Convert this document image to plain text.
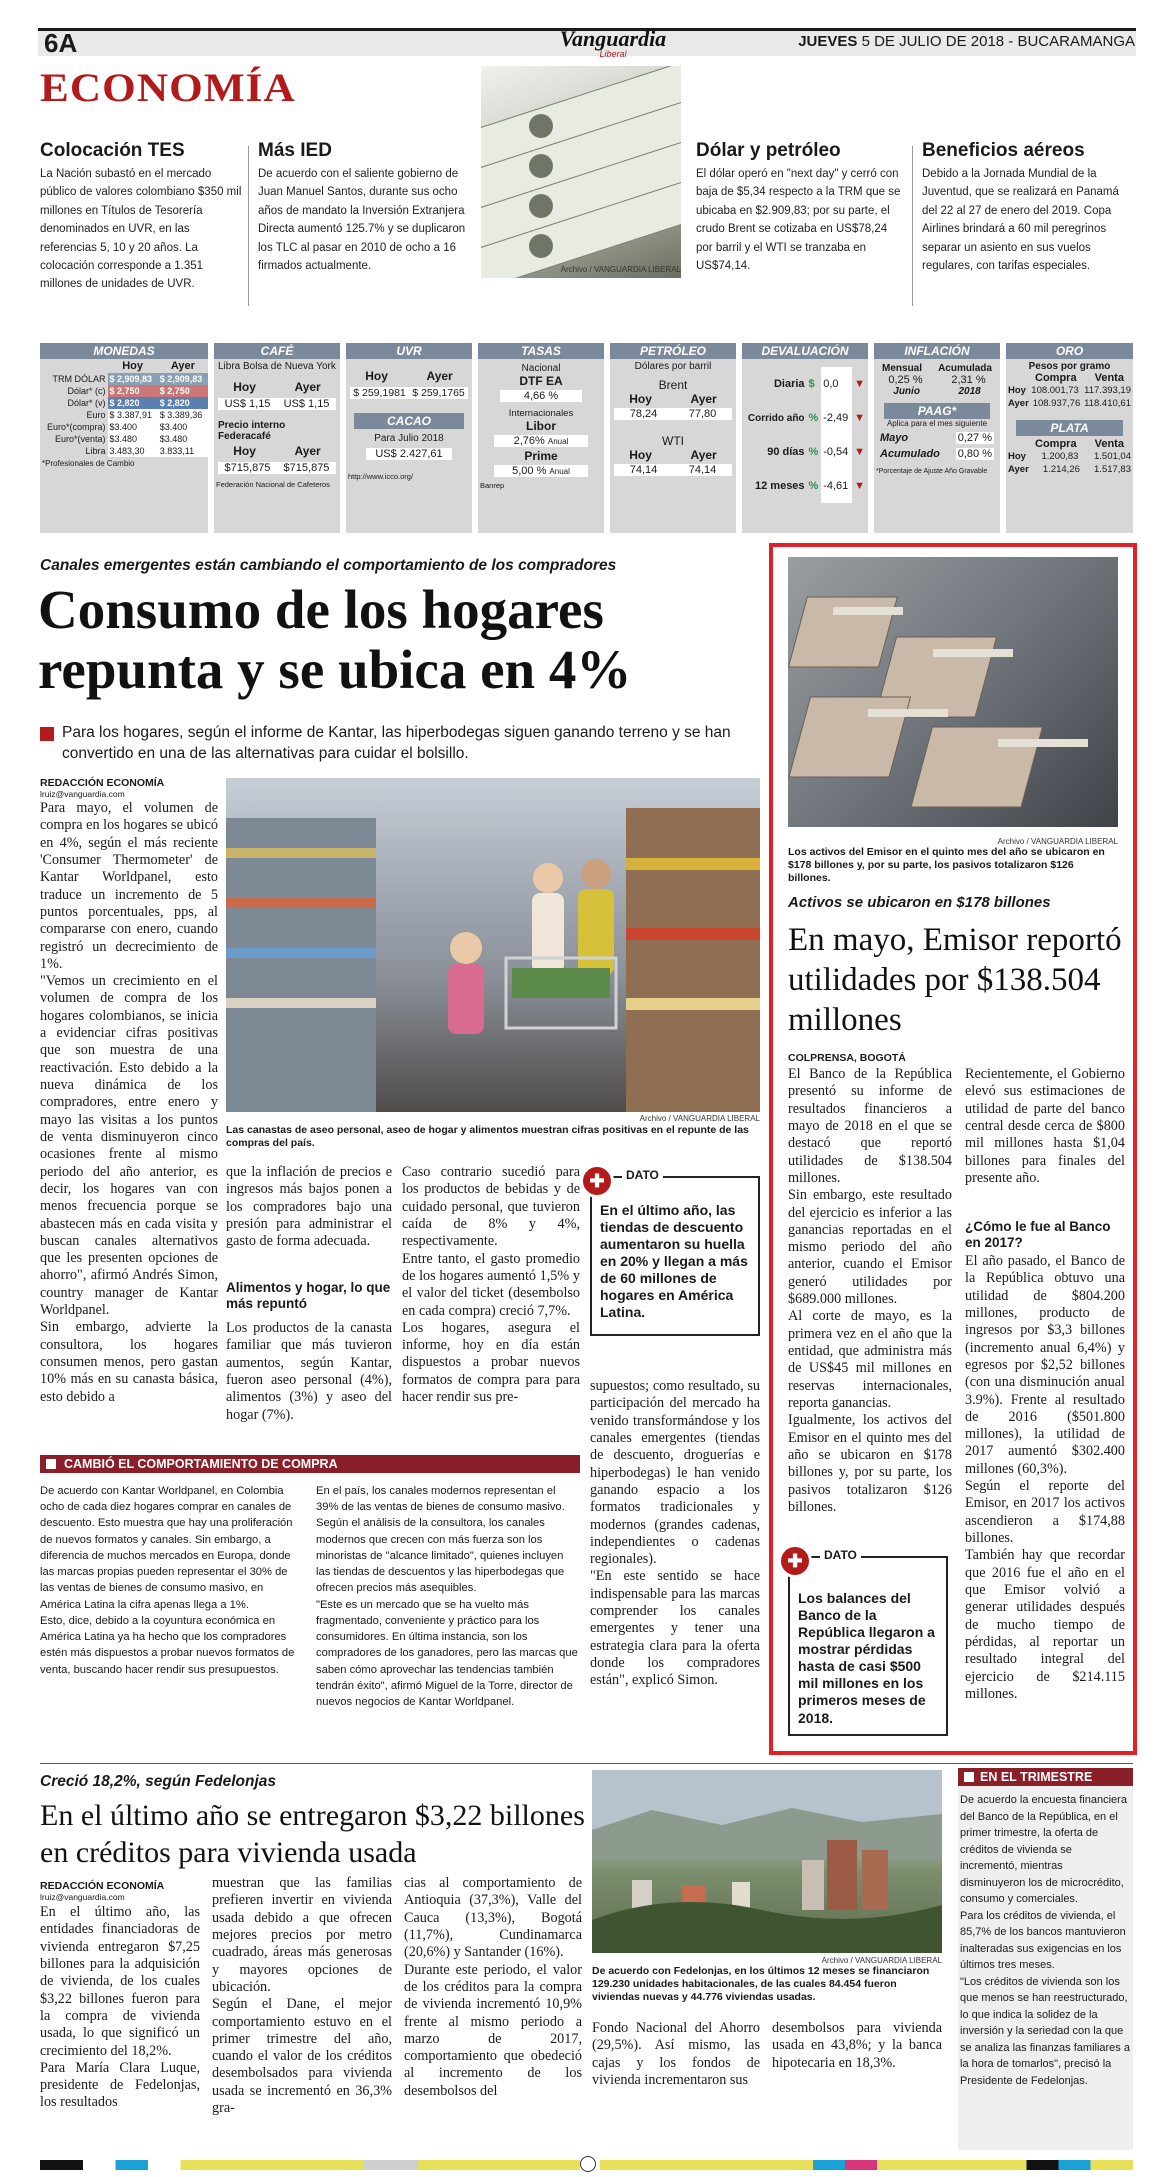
6A	Vanguardia
Liberal
JUEVES 5 DE JULIO DE 2018 - BUCARAMANGA
ECONOMÍA
Colocación TES
La Nación subastó en el mercado público de valores colombiano $350 mil millones en Títulos de Tesorería denominados en UVR, en las referencias 5, 10 y 20 años. La colocación corresponde a 1.351 millones de unidades de UVR.
Más IED
De acuerdo con el saliente gobierno de Juan Manuel Santos, durante sus ocho años de mandato la Inversión Extranjera Directa aumentó 125.7% y se duplicaron los TLC al pasar en 2010 de ocho a 16 firmados actualmente.	Archivo / VANGUARDIA LIBERAL
Dólar y petróleo
El dólar operó en "next day" y cerró con baja de $5,34 respecto a la TRM que se ubicaba en $2.909,83; por su parte, el crudo Brent se cotizaba en US$78,24 por barril y el WTI se tranzaba en US$74,14.
Beneficios aéreos
Debido a la Jornada Mundial de la Juventud, que se realizará en Panamá del 22 al 27 de enero del 2019. Copa Airlines brindará a 60 mil peregrinos separar un asiento en sus vuelos regulares, con tarifas especiales.
MONEDAS
	Hoy	Ayer
TRM DÓLAR	$ 2,909,83	$ 2,909,83
Dólar* (c)	$ 2,750	$ 2,750
Dólar* (v)	$ 2,820	$ 2,820
Euro	$ 3.387,91	$ 3.389,36
Euro*(compra)	$3.400	$3.400
Euro*(venta)	$3.480	$3.480
Libra	3.483,30	3.833,11
*Profesionales de Cambio
CAFÉ
Libra Bolsa de Nueva York
Hoy	Ayer
US$ 1,15 US$ 1,15
Precio interno Federacafé
Hoy	Ayer
$715,875 $715,875
Federación Nacional de Cafeteros
UVR
Hoy	Ayer
$ 259,1981 $ 259,1765
CACAO
Para Julio 2018
US$ 2.427,61
http://www.icco.org/
TASAS
Nacional
DTF EA
4,66 %
Internacionales
Libor
2,76% Anual
Prime
5,00 % Anual
Banrep
PETRÓLEO
Dólares por barril
Brent
Hoy	Ayer
78,24	77,80
WTI
Hoy	Ayer
74,14	74,14
DEVALUACIÓN
Diaria	$	0,0	▼
Corrido año	%	-2,49	▼
90 días	%	-0,54	▼
12 meses	%	-4,61	▼
INFLACIÓN
Mensual Acumulada
0,25 %	2,31 %
Junio	2018
PAAG*
Aplica para el mes siguiente
Mayo	0,27 %
Acumulado 0,80 %
*Porcentaje de Ajuste Año Gravable
ORO
Pesos por gramo
Compra Venta
Hoy 108.001,73 117.393,19
Ayer 108.937,76 118.410,61
PLATA
Compra Venta
Hoy 1.200,83 1.501,04
Ayer 1.214,26 1.517,83
Canales emergentes están cambiando el comportamiento de los compradores
Consumo de los hogares
repunta y se ubica en 4%
Para los hogares, según el informe de Kantar, las hiperbodegas siguen ganando terreno y se han convertido en una de las alternativas para cuidar el bolsillo.
REDACCIÓN ECONOMÍA
lruiz@vanguardia.com
Para mayo, el volumen de compra en los hogares se ubicó en 4%, según el más reciente 'Consumer Thermometer' de Kantar Worldpanel, esto traduce un incremento de 5 puntos porcentuales, pps, al compararse con enero, cuando registró un decrecimiento de 1%.
"Vemos un crecimiento en el volumen de compra de los hogares colombianos, se inicia a evidenciar cifras positivas que son muestra de una reactivación. Esto debido a la nueva dinámica de los compradores, entre enero y mayo las visitas a los puntos de venta disminuyeron cinco ocasiones frente al mismo periodo del año anterior, es decir, los hogares van con menos frecuencia porque se abastecen más en cada visita y buscan canales alternativos que les presenten opciones de ahorro", afirmó Andrés Simon, country manager de Kantar Worldpanel.
Sin embargo, advierte la consultora, los hogares consumen menos, pero gastan 10% más en su canasta básica, esto debido a
Archivo / VANGUARDIA LIBERAL
Las canastas de aseo personal, aseo de hogar y alimentos muestran cifras positivas en el repunte de las compras del país.
que la inflación de precios e ingresos más bajos ponen a los compradores bajo una presión para administrar el gasto de forma adecuada.
Alimentos y hogar, lo que más repuntó
Los productos de la canasta familiar que más tuvieron aumentos, según Kantar, fueron aseo personal (4%), alimentos (3%) y aseo del hogar (7%).
Caso contrario sucedió para los productos de bebidas y de cuidado personal, que tuvieron caída de 8% y 4%, respectivamente.
Entre tanto, el gasto promedio de los hogares aumentó 1,5% y el valor del ticket (desembolso en cada compra) creció 7,7%.
Los hogares, asegura el informe, hoy en día están dispuestos a probar nuevos formatos de compra para para hacer rendir sus pre-
✚	DATO
En el último año, las tiendas de descuento aumentaron su huella en 20% y llegan a más de 60 millones de hogares en América Latina.
supuestos; como resultado, su participación del mercado ha venido transformándose y los canales emergentes (tiendas de descuento, droguerías e hiperbodegas) le han venido ganando espacio a los formatos tradicionales y modernos (grandes cadenas, independientes o cadenas regionales).
"En este sentido se hace indispensable para las marcas comprender los canales emergentes y tener una estrategia clara para la oferta donde los compradores están", explicó Simon.
CAMBIÓ EL COMPORTAMIENTO DE COMPRA
De acuerdo con Kantar Worldpanel, en Colombia ocho de cada diez hogares comprar en canales de descuento. Esto muestra que hay una proliferación de nuevos formatos y canales. Sin embargo, a diferencia de muchos mercados en Europa, donde las marcas propias pueden representar el 30% de las ventas de bienes de consumo masivo, en América Latina la cifra apenas llega a 1%.
Esto, dice, debido a la coyuntura económica en América Latina ya ha hecho que los compradores estén más dispuestos a probar nuevos formatos de venta, buscando hacer rendir sus presupuestos.
En el país, los canales modernos representan el 39% de las ventas de bienes de consumo masivo. Según el análisis de la consultora, los canales modernos que crecen con más fuerza son los minoristas de "alcance limitado", quienes incluyen las tiendas de descuentos y las hiperbodegas que ofrecen precios más asequibles.
"Este es un mercado que se ha vuelto más fragmentado, conveniente y práctico para los consumidores. En última instancia, son los compradores de los ganadores, pero las marcas que saben cómo aprovechar las tendencias también tendrán éxito", afirmó Miguel de la Torre, director de nuevos negocios de Kantar Worldpanel.
Archivo / VANGUARDIA LIBERAL
Los activos del Emisor en el quinto mes del año se ubicaron en $178 billones y, por su parte, los pasivos totalizaron $126 billones.
Activos se ubicaron en $178 billones
En mayo, Emisor reportó utilidades por $138.504 millones
COLPRENSA, BOGOTÁ
El Banco de la República presentó su informe de resultados financieros a mayo de 2018 en el que se destacó que reportó utilidades de $138.504 millones.
Sin embargo, este resultado del ejercicio es inferior a las ganancias reportadas en el mismo periodo del año anterior, cuando el Emisor generó utilidades por $689.000 millones.
Al corte de mayo, es la primera vez en el año que la entidad, que administra más de US$45 mil millones en reservas internacionales, reporta ganancias.
Igualmente, los activos del Emisor en el quinto mes del año se ubicaron en $178 billones y, por su parte, los pasivos totalizaron $126 billones.
Recientemente, el Gobierno elevó sus estimaciones de utilidad de parte del banco central desde cerca de $800 mil millones hasta $1,04 billones para finales del presente año.
¿Cómo le fue al Banco en 2017?
El año pasado, el Banco de la República obtuvo una utilidad de $804.200 millones, producto de ingresos por $3,3 billones (incremento anual 6,4%) y egresos por $2,52 billones (con una disminución anual 3.9%). Frente al resultado de 2016 ($501.800 millones), la utilidad de 2017 aumentó $302.400 millones (60,3%).
Según el reporte del Emisor, en 2017 los activos ascendieron a $174,88 billones.
También hay que recordar que 2016 fue el año en el que Emisor volvió a generar utilidades después de mucho tiempo de pérdidas, al reportar un resultado integral del ejercicio de $214.115 millones.
✚	DATO
Los balances del Banco de la República llegaron a mostrar pérdidas hasta de casi $500 mil millones en los primeros meses de 2018.
Creció 18,2%, según Fedelonjas
En el último año se entregaron $3,22 billones en créditos para vivienda usada
REDACCIÓN ECONOMÍA
lruiz@vanguardia.com
En el último año, las entidades financiadoras de vivienda entregaron $7,25 billones para la adquisición de vivienda, de los cuales $3,22 billones fueron para la compra de vivienda usada, lo que significó un crecimiento del 18,2%.
Para María Clara Luque, presidente de Fedelonjas, los resultados
muestran que las familias prefieren invertir en vivienda usada debido a que ofrecen mejores precios por metro cuadrado, áreas más generosas y mayores opciones de ubicación.
Según el Dane, el mejor comportamiento estuvo en el primer trimestre del año, cuando el valor de los créditos desembolsados para vivienda usada se incrementó en 36,3% gra-
cias al comportamiento de Antioquia (37,3%), Valle del Cauca (13,3%), Bogotá (11,7%), Cundinamarca (20,6%) y Santander (16%).
Durante este periodo, el valor de los créditos para la compra de vivienda incrementó 10,9% frente al mismo periodo a marzo de 2017, comportamiento que obedeció al incremento de los desembolsos del
Archivo / VANGUARDIA LIBERAL
De acuerdo con Fedelonjas, en los últimos 12 meses se financiaron 129.230 unidades habitacionales, de las cuales 84.454 fueron viviendas nuevas y 44.776 viviendas usadas.
Fondo Nacional del Ahorro (29,5%). Así mismo, las cajas y los fondos de vivienda incrementaron sus
desembolsos para vivienda usada en 43,8%; y la banca hipotecaria en 18,3%.
EN EL TRIMESTRE
De acuerdo la encuesta financiera del Banco de la República, en el primer trimestre, la oferta de créditos de vivienda se incrementó, mientras disminuyeron los de microcrédito, consumo y comerciales.
Para los créditos de vivienda, el 85,7% de los bancos mantuvieron inalteradas sus exigencias en los últimos tres meses.
"Los créditos de vivienda son los que menos se han reestructurado, lo que indica la solidez de la inversión y la seriedad con la que se analiza las finanzas familiares a la hora de tomarlos", precisó la Presidente de Fedelonjas.
